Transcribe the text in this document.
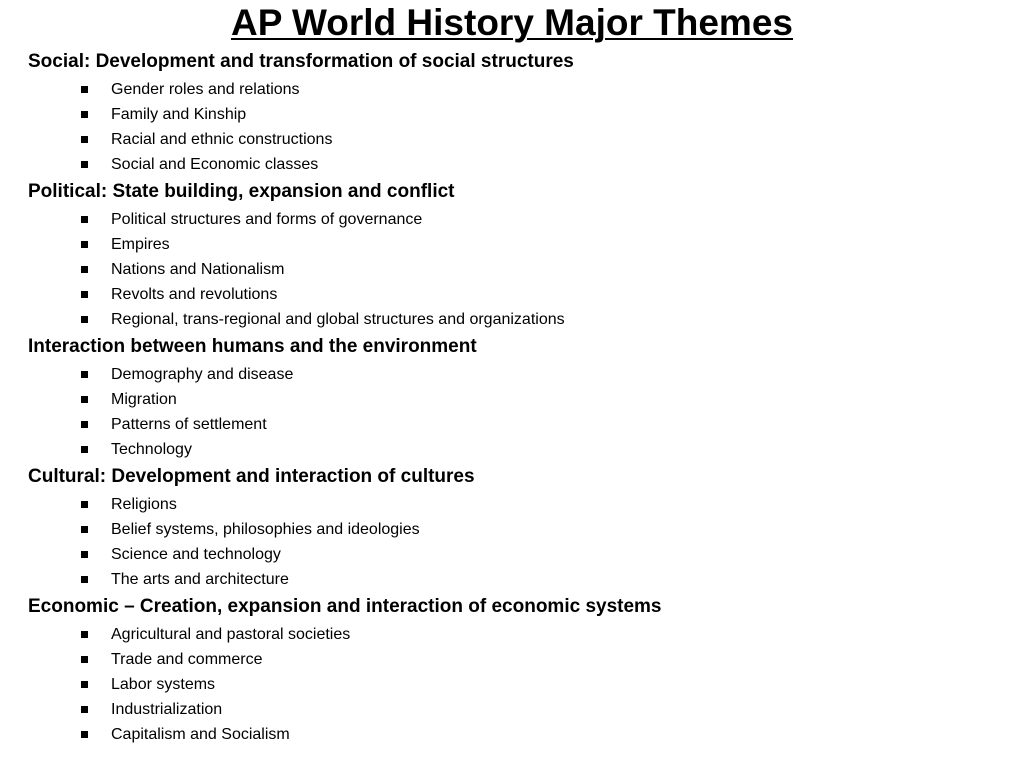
AP World History Major Themes
Social: Development and transformation of social structures
Gender roles and relations
Family and Kinship
Racial and ethnic constructions
Social and Economic classes
Political: State building, expansion and conflict
Political structures and forms of governance
Empires
Nations and Nationalism
Revolts and revolutions
Regional, trans-regional and global structures and organizations
Interaction between humans and the environment
Demography and disease
Migration
Patterns of settlement
Technology
Cultural: Development and interaction of cultures
Religions
Belief systems, philosophies and ideologies
Science and technology
The arts and architecture
Economic – Creation, expansion and interaction of economic systems
Agricultural and pastoral societies
Trade and commerce
Labor systems
Industrialization
Capitalism and Socialism
